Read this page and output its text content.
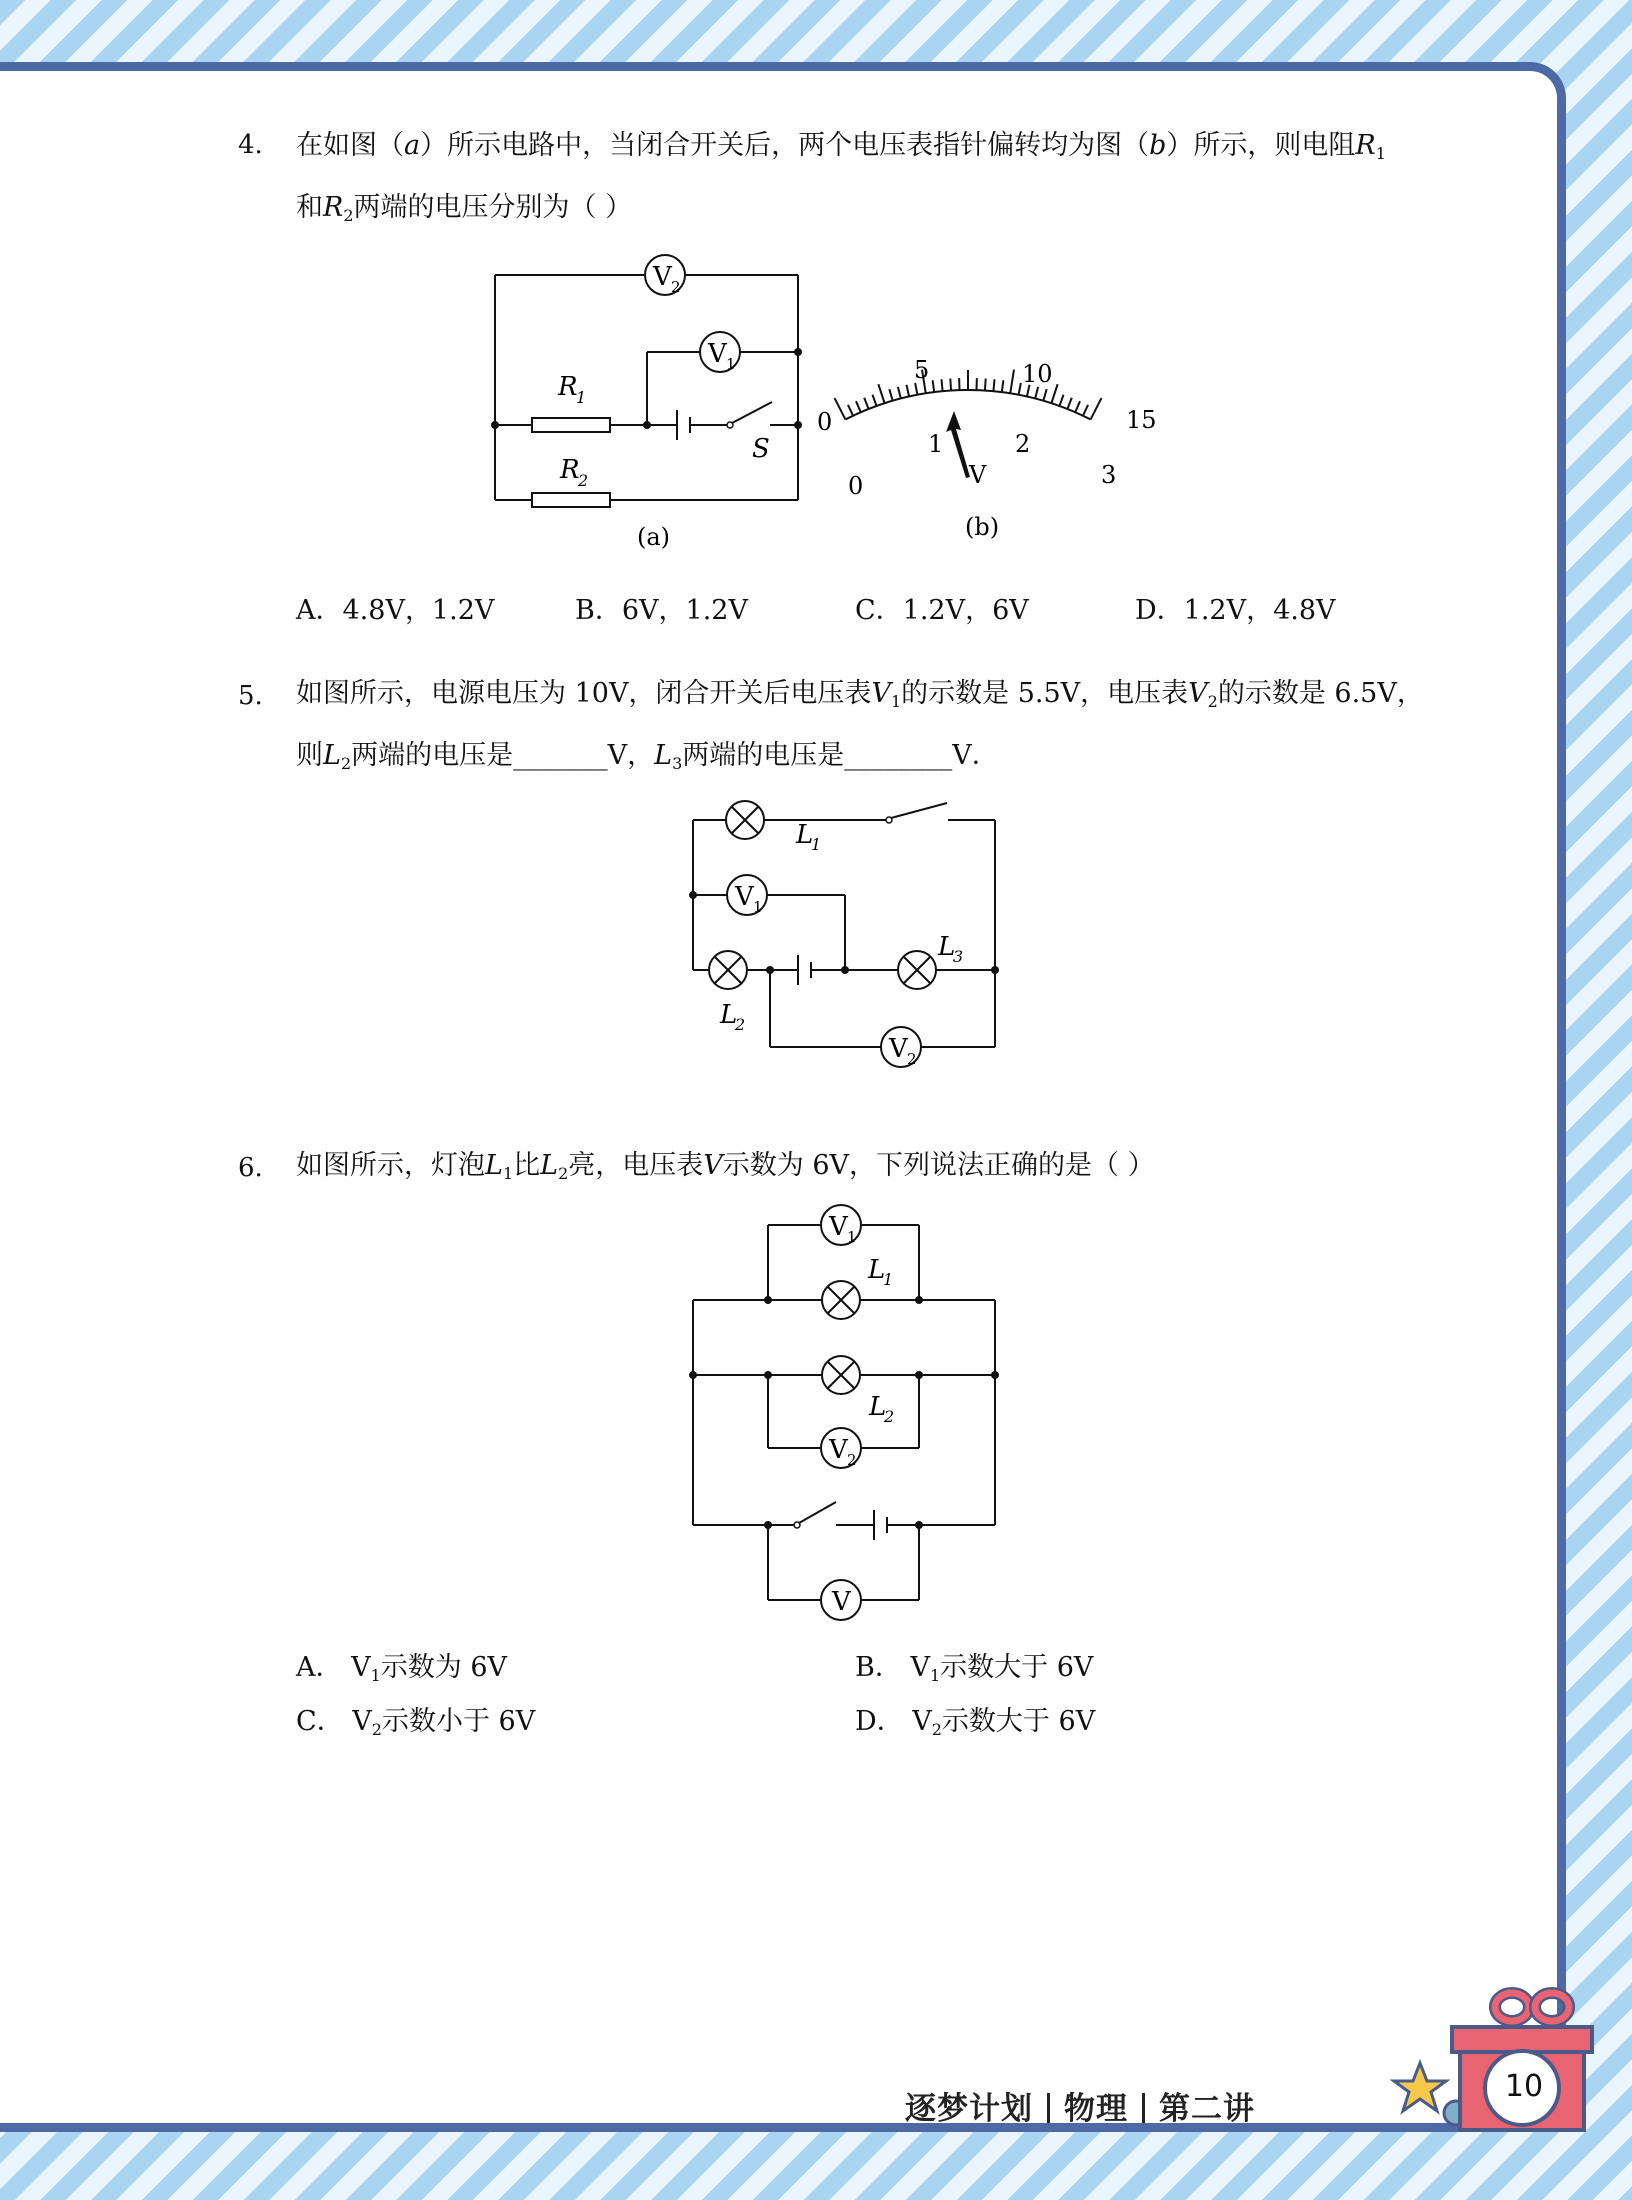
4. 在如图（a）所示电路中，当闭合开关后，两个电压表指针偏转均为图（b）所示，则电阻$R_1$
和$R_2$两端的电压分别为（ ）
V 2
V 1
R
1
R
2
S
(a)
0
5	10
15
0
1	2
3
V
(b)
A．4.8V，1.2V	B．6V，1.2V	C．1.2V，6V	D．1.2V，4.8V
5. 如图所示，电源电压为 10V，闭合开关后电压表$V_1$的示数是 5.5V，电压表$V_2$的示数是 6.5V，
则$L_2$两端的电压是_______V，$L_3$两端的电压是________V．
V 1
V 2
L
1
L
2
L
3
6. 如图所示，灯泡$L_1$比$L_2$亮，电压表V示数为 6V，下列说法正确的是（ ）
V 1
V 2
V
L
1
L
2
A． $V_1$示数为 6V	B． $V_1$示数大于 6V
C． $V_2$示数小于 6V	D． $V_2$示数大于 6V
逐梦计划 物理 第二讲
10
